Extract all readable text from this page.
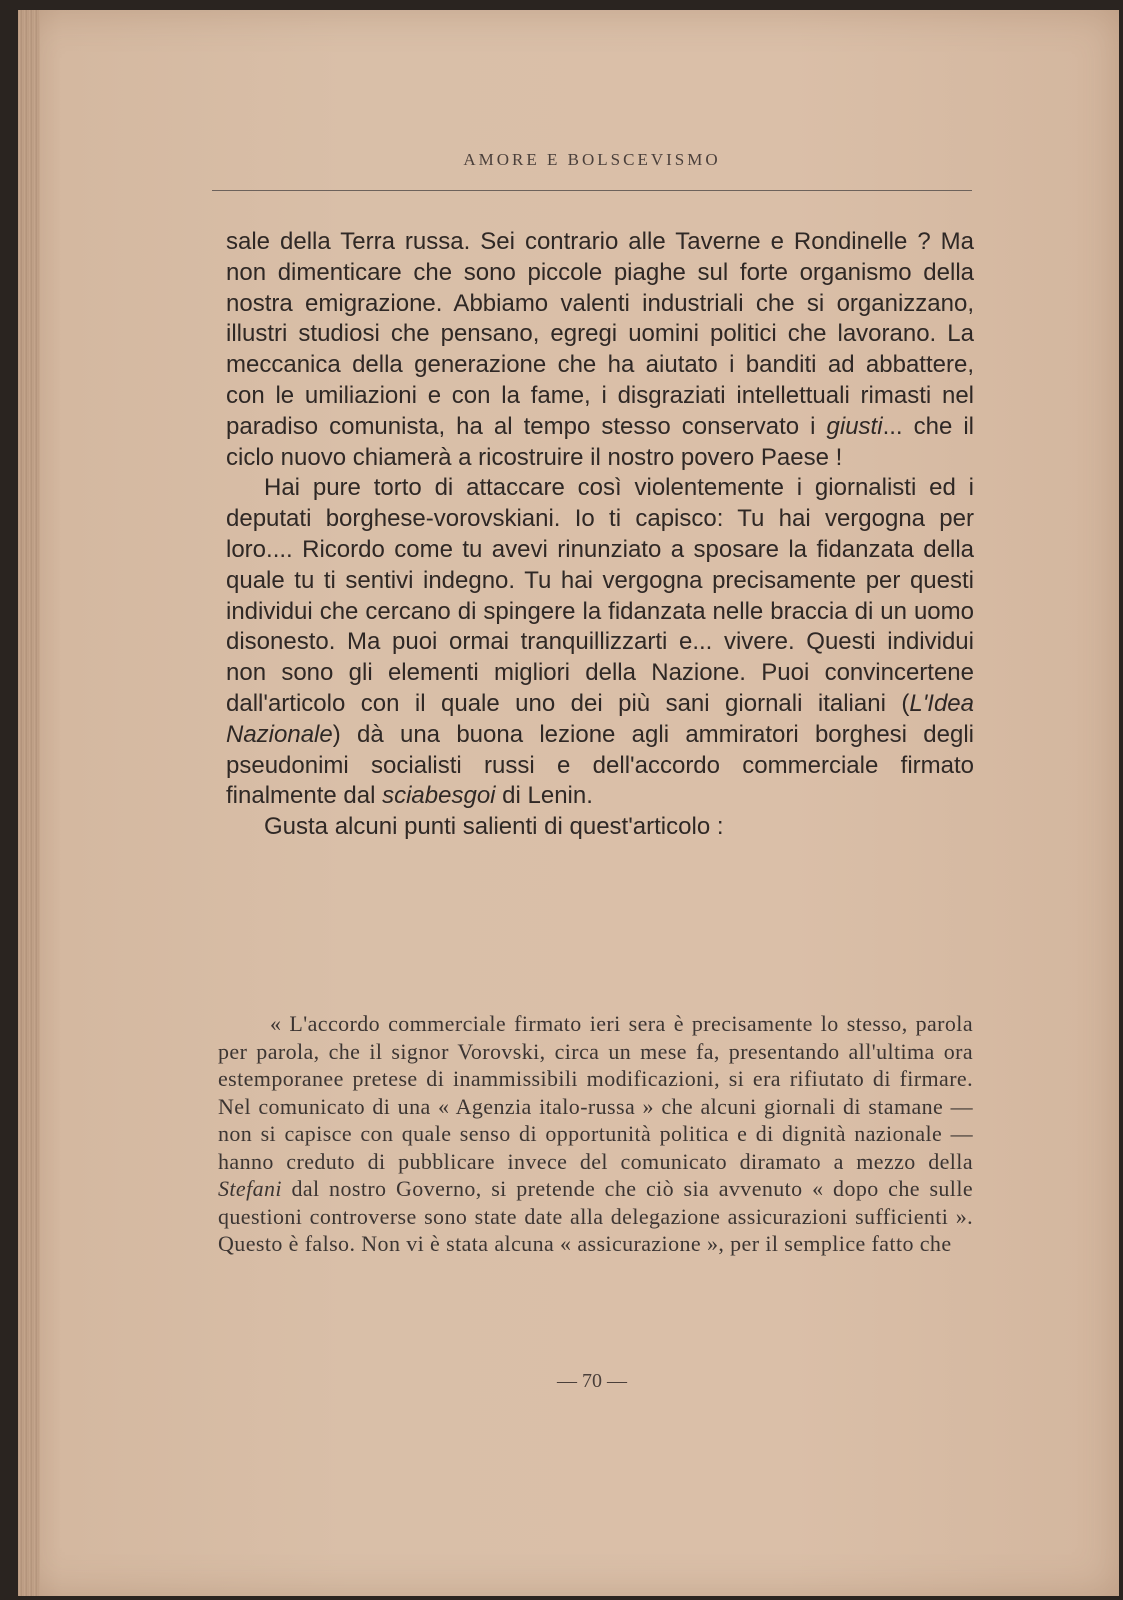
AMORE E BOLSCEVISMO

sale della Terra russa. Sei contrario alle Taverne e Rondinelle ? Ma non dimenticare che sono piccole piaghe sul forte organismo della nostra emigrazione. Abbiamo valenti industriali che si organizzano, illustri studiosi che pensano, egregi uomini politici che lavorano. La meccanica della generazione che ha aiutato i banditi ad abbattere, con le umiliazioni e con la fame, i disgraziati intellettuali rimasti nel paradiso comunista, ha al tempo stesso conservato i giusti... che il ciclo nuovo chiamerà a ricostruire il nostro povero Paese !

Hai pure torto di attaccare così violentemente i giornalisti ed i deputati borghese-vorovskiani. Io ti capisco: Tu hai vergogna per loro.... Ricordo come tu avevi rinunziato a sposare la fidanzata della quale tu ti sentivi indegno. Tu hai vergogna precisamente per questi individui che cercano di spingere la fidanzata nelle braccia di un uomo disonesto. Ma puoi ormai tranquillizzarti e... vivere. Questi individui non sono gli elementi migliori della Nazione. Puoi convincertene dall'articolo con il quale uno dei più sani giornali italiani (L'Idea Nazionale) dà una buona lezione agli ammiratori borghesi degli pseudonimi socialisti russi e dell'accordo commerciale firmato finalmente dal sciabesgoi di Lenin.

Gusta alcuni punti salienti di quest'articolo :

« L'accordo commerciale firmato ieri sera è precisamente lo stesso, parola per parola, che il signor Vorovski, circa un mese fa, presentando all'ultima ora estemporanee pretese di inammissibili modificazioni, si era rifiutato di firmare. Nel comunicato di una « Agenzia italo-russa » che alcuni giornali di stamane — non si capisce con quale senso di opportunità politica e di dignità nazionale — hanno creduto di pubblicare invece del comunicato diramato a mezzo della Stefani dal nostro Governo, si pretende che ciò sia avvenuto « dopo che sulle questioni controverse sono state date alla delegazione assicurazioni sufficienti ». Questo è falso. Non vi è stata alcuna « assicurazione », per il semplice fatto che
— 70 —
